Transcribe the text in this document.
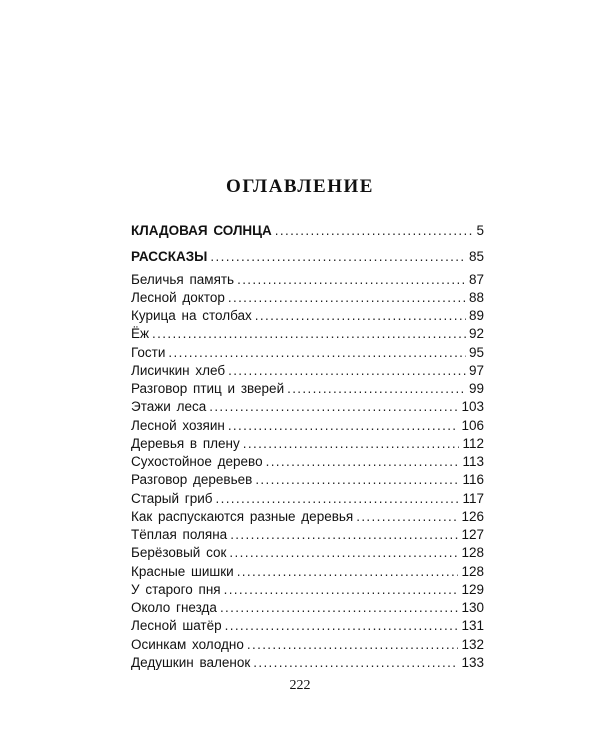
ОГЛАВЛЕНИЕ
КЛАДОВАЯ СОЛНЦА . . .	5
РАССКАЗЫ . . .	85
Беличья память . . .	87
Лесной доктор . . .	88
Курица на столбах . . .	89
Ёж . . .	92
Гости . . .	95
Лисичкин хлеб . . .	97
Разговор птиц и зверей . . .	99
Этажи леса . . .	103
Лесной хозяин . . .	106
Деревья в плену . . .	112
Сухостойное дерево . . .	113
Разговор деревьев . . .	116
Старый гриб . . .	117
Как распускаются разные деревья . . .	126
Тёплая поляна . . .	127
Берёзовый сок . . .	128
Красные шишки . . .	128
У старого пня . . .	129
Около гнезда . . .	130
Лесной шатёр . . .	131
Осинкам холодно . . .	132
Дедушкин валенок . . .	133
222
